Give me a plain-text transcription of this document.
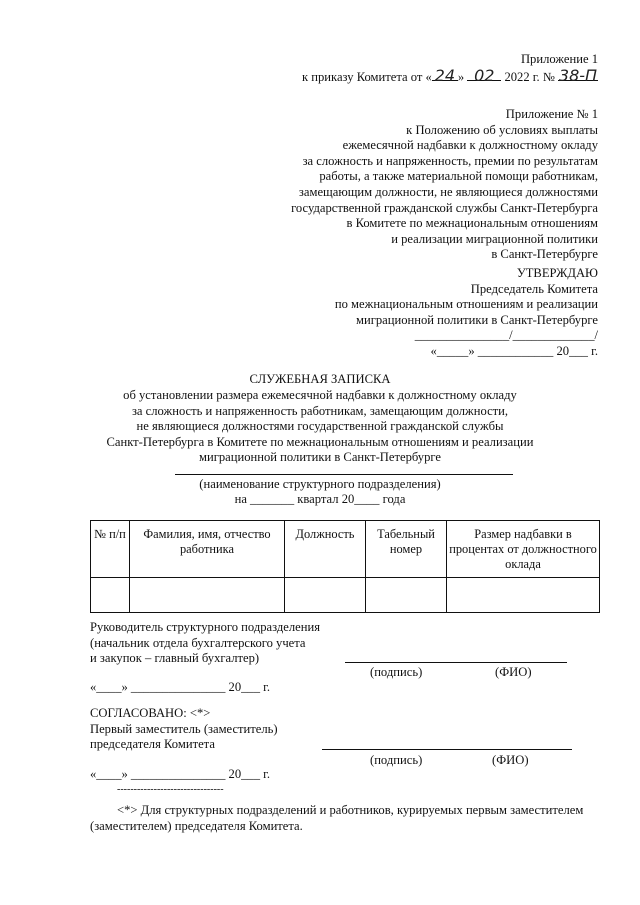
Приложение 1
к приказу Комитета от « 24 » 02 2022 г. № 38-П
Приложение № 1
к Положению об условиях выплаты
ежемесячной надбавки к должностному окладу
за сложность и напряженность, премии по результатам
работы, а также материальной помощи работникам,
замещающим должности, не являющиеся должностями
государственной гражданской службы Санкт-Петербурга
в Комитете по межнациональным отношениям
и реализации миграционной политики
в Санкт-Петербурге
УТВЕРЖДАЮ
Председатель Комитета
по межнациональным отношениям и реализации
миграционной политики в Санкт-Петербурге
_______________/_____________/
«_____» ____________ 20___ г.
СЛУЖЕБНАЯ ЗАПИСКА
об установлении размера ежемесячной надбавки к должностному окладу
за сложность и напряженность работникам, замещающим должности,
не являющиеся должностями государственной гражданской службы
Санкт-Петербурга в Комитете по межнациональным отношениям и реализации
миграционной политики в Санкт-Петербурге
(наименование структурного подразделения)
на _______ квартал 20____ года
№ п/п	Фамилия, имя, отчество работника	Должность	Табельный номер	Размер надбавки в процентах от должностного оклада

Руководитель структурного подразделения
(начальник отдела бухгалтерского учета
и закупок – главный бухгалтер)
(подпись)	(ФИО)
«____» _______________ 20___ г.
СОГЛАСОВАНО: <*>
Первый заместитель (заместитель)
председателя Комитета
(подпись)	(ФИО)
«____» _______________ 20___ г.
--------------------------------
<*> Для структурных подразделений и работников, курируемых первым заместителем
(заместителем) председателя Комитета.
